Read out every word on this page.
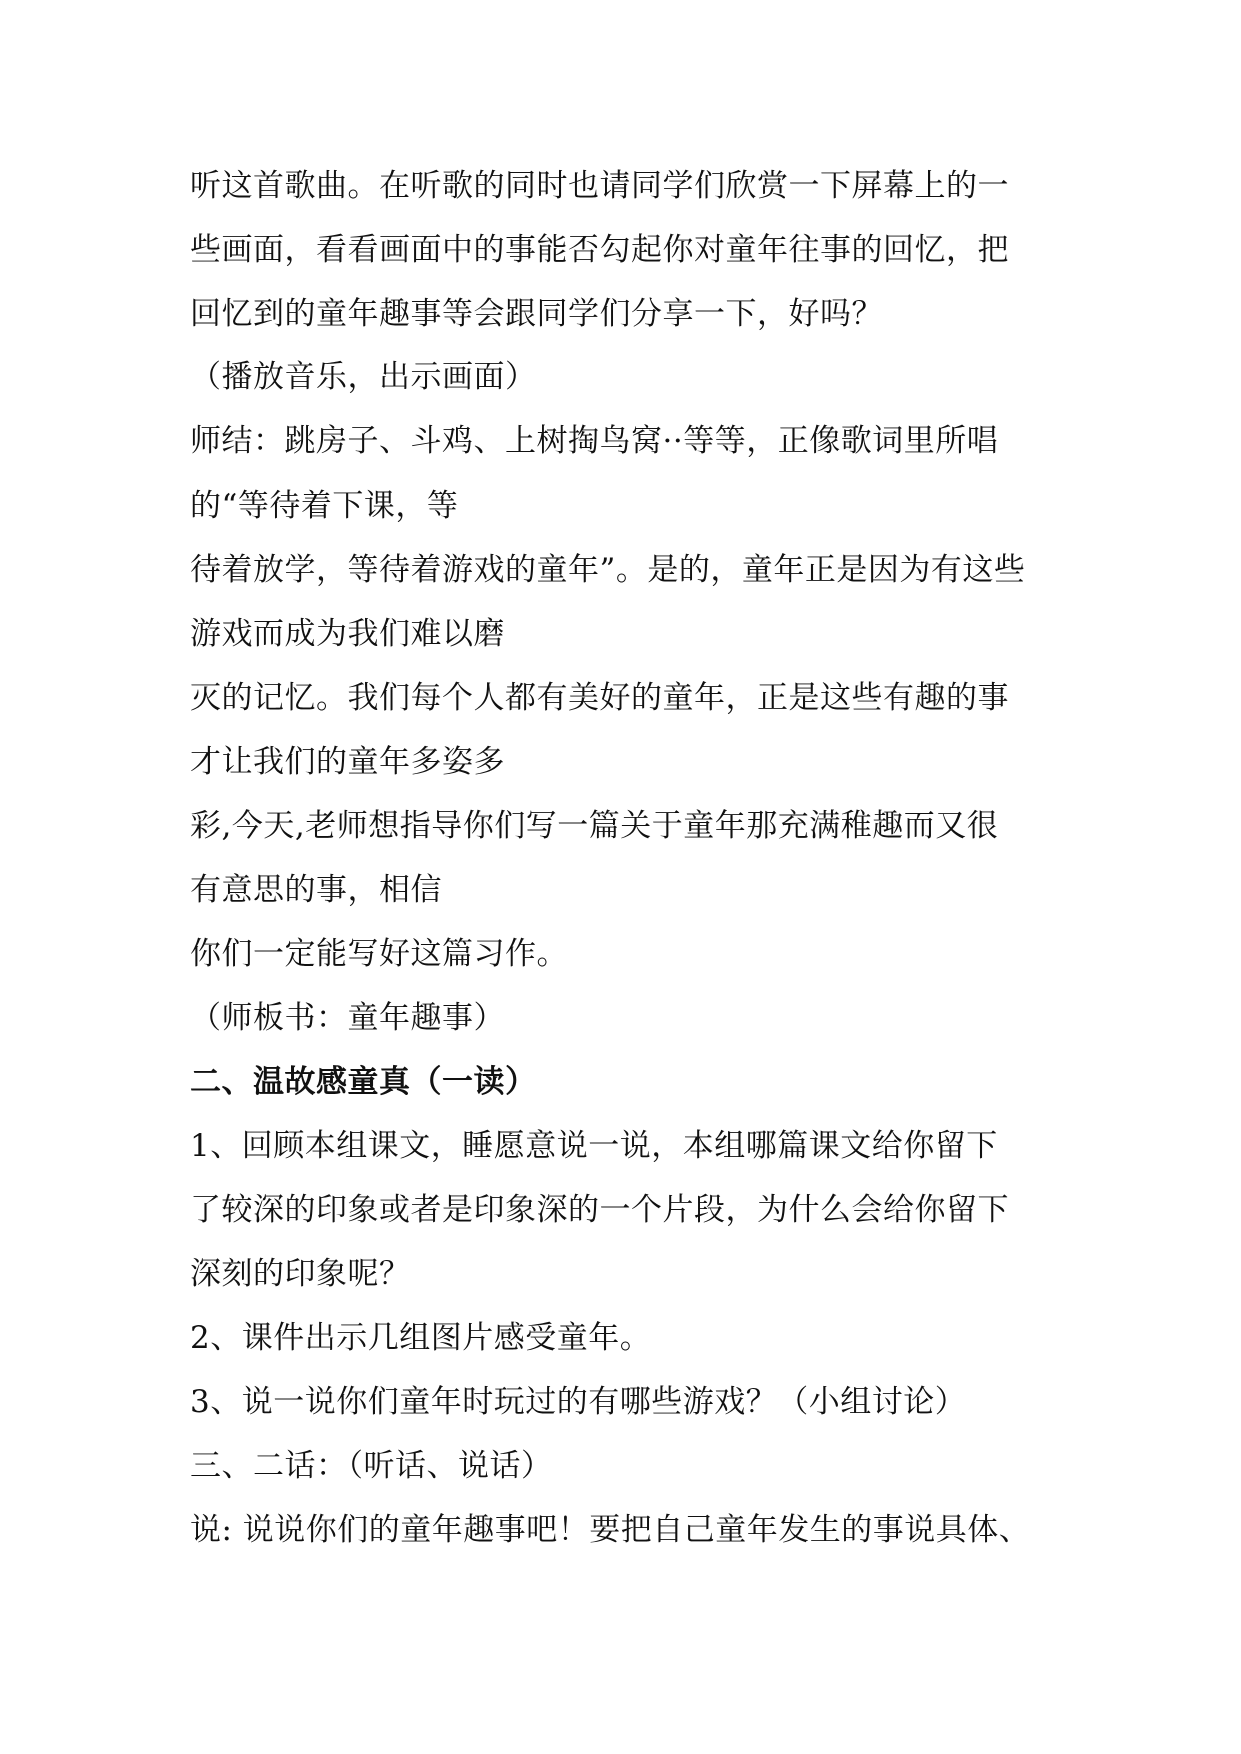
听这首歌曲。在听歌的同时也请同学们欣赏一下屏幕上的一
些画面，看看画面中的事能否勾起你对童年往事的回忆，把
回忆到的童年趣事等会跟同学们分享一下，好吗？
（播放音乐，出示画面）
师结：跳房子、斗鸡、上树掏鸟窝··等等，正像歌词里所唱
的“等待着下课，等
待着放学，等待着游戏的童年”。是的，童年正是因为有这些
游戏而成为我们难以磨
灭的记忆。我们每个人都有美好的童年，正是这些有趣的事
才让我们的童年多姿多
彩,今天,老师想指导你们写一篇关于童年那充满稚趣而又很
有意思的事，相信
你们一定能写好这篇习作。
（师板书：童年趣事）
二、温故感童真（一读）
1、回顾本组课文，睡愿意说一说，本组哪篇课文给你留下
了较深的印象或者是印象深的一个片段，为什么会给你留下
深刻的印象呢？
2、课件出示几组图片感受童年。
3、说一说你们童年时玩过的有哪些游戏？（小组讨论）
三、二话：（听话、说话）
说: 说说你们的童年趣事吧！要把自己童年发生的事说具体、
